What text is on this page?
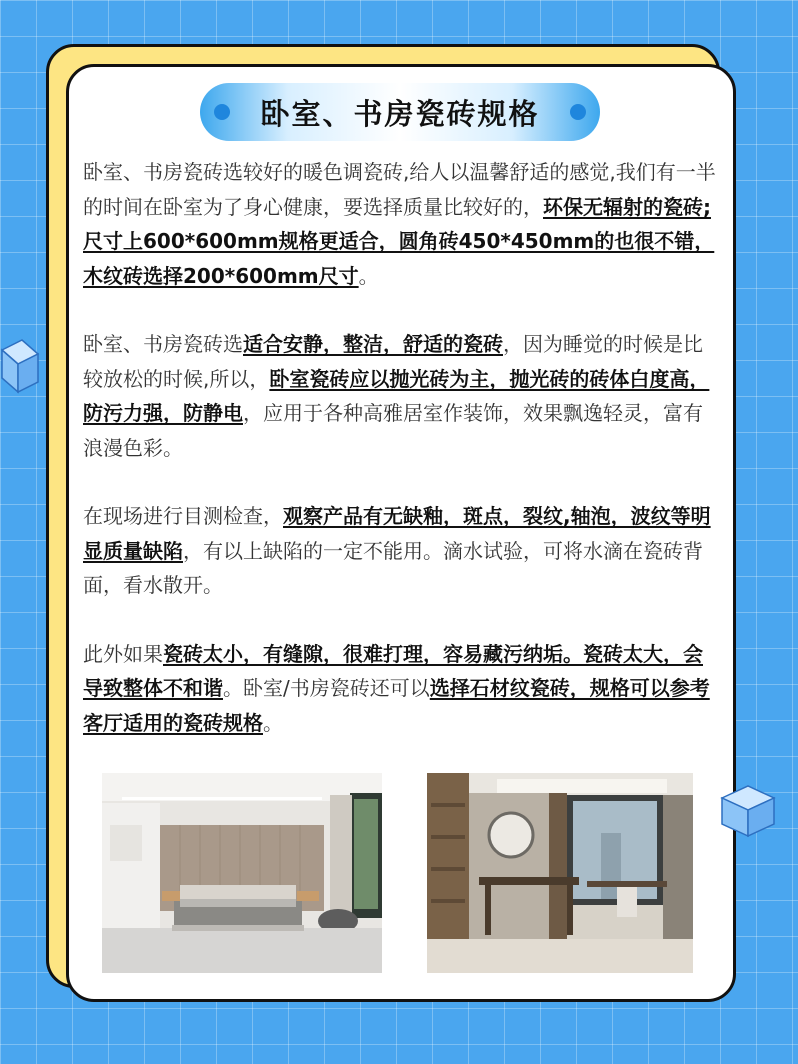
卧室、书房瓷砖规格

卧室、书房瓷砖选较好的暖色调瓷砖,给人以温馨舒适的感觉,我们有一半的时间在卧室为了身心健康，要选择质量比较好的，环保无辐射的瓷砖;尺寸上600*600mm规格更适合，圆角砖450*450mm的也很不错，木纹砖选择200*600mm尺寸。

卧室、书房瓷砖选适合安静，整洁，舒适的瓷砖，因为睡觉的时候是比较放松的时候,所以，卧室瓷砖应以抛光砖为主，抛光砖的砖体白度高，防污力强，防静电，应用于各种高雅居室作装饰，效果飘逸轻灵，富有浪漫色彩。

在现场进行目测检查，观察产品有无缺釉，斑点，裂纹,轴泡，波纹等明显质量缺陷，有以上缺陷的一定不能用。滴水试验，可将水滴在瓷砖背面，看水散开。

此外如果瓷砖太小，有缝隙，很难打理，容易藏污纳垢。瓷砖太大，会导致整体不和谐。卧室/书房瓷砖还可以选择石材纹瓷砖，规格可以参考客厅适用的瓷砖规格。
